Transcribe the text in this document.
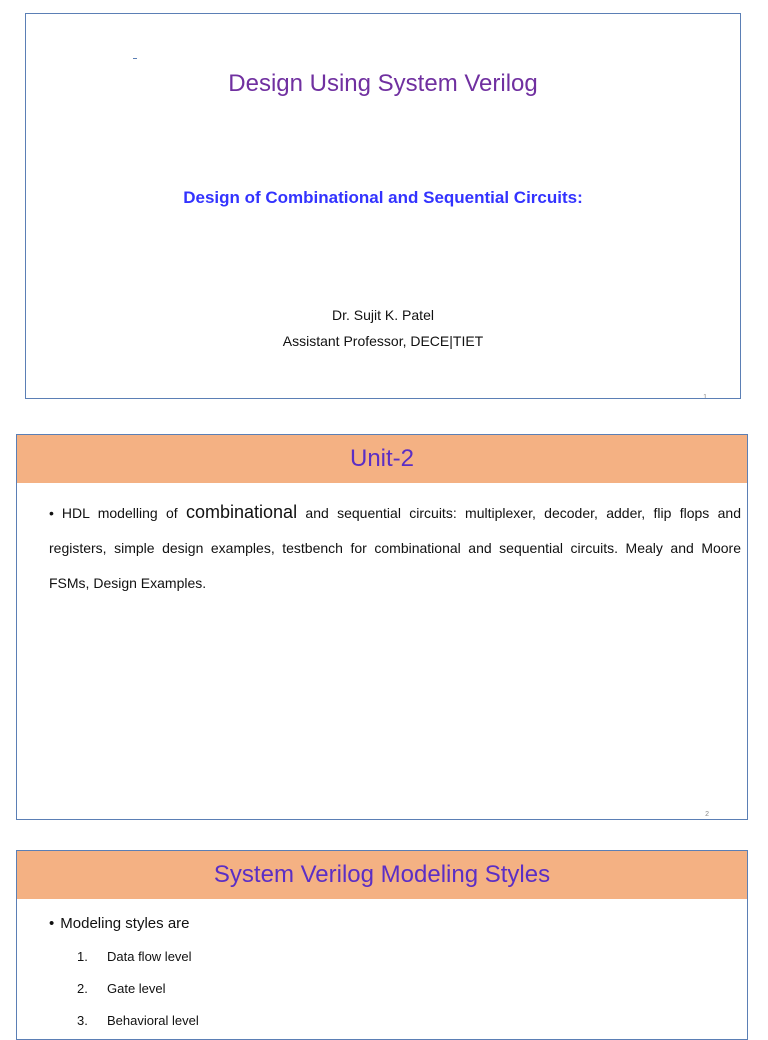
Design Using System Verilog
Design of Combinational and Sequential Circuits:
Dr. Sujit K. Patel
Assistant Professor, DECE|TIET
1
Unit-2
• HDL modelling of combinational and sequential circuits: multiplexer, decoder, adder, flip flops and registers, simple design examples, testbench for combinational and sequential circuits. Mealy and Moore FSMs, Design Examples.
2
System Verilog Modeling Styles
• Modeling styles are
1.	Data flow level
2.	Gate level
3.	Behavioral level
